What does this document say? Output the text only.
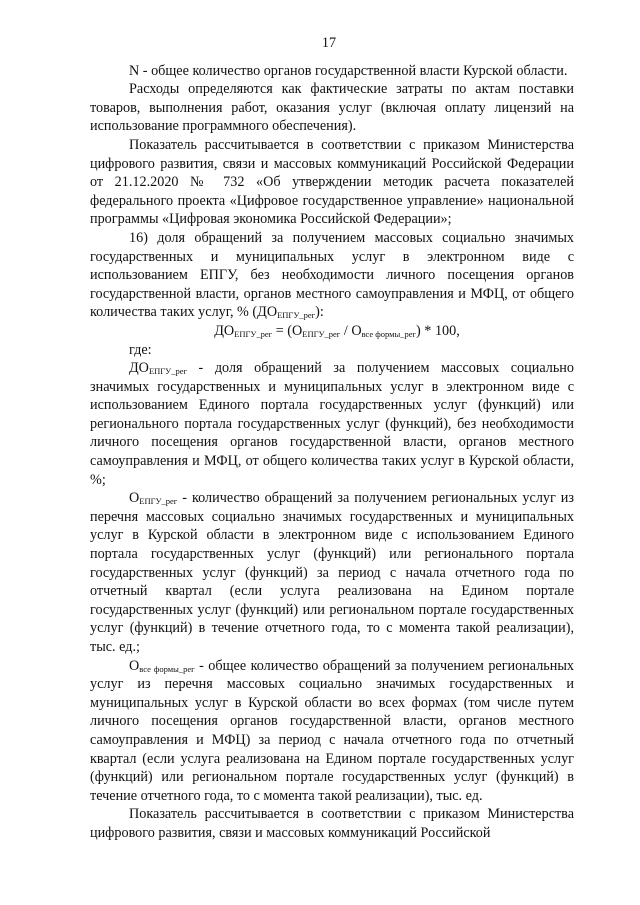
17

N - общее количество органов государственной власти Курской области.

Расходы определяются как фактические затраты по актам поставки товаров, выполнения работ, оказания услуг (включая оплату лицензий на использование программного обеспечения).

Показатель рассчитывается в соответствии с приказом Министерства цифрового развития, связи и массовых коммуникаций Российской Федерации от 21.12.2020 № 732 «Об утверждении методик расчета показателей федерального проекта «Цифровое государственное управление» национальной программы «Цифровая экономика Российской Федерации»;

16) доля обращений за получением массовых социально значимых государственных и муниципальных услуг в электронном виде с использованием ЕПГУ, без необходимости личного посещения органов государственной власти, органов местного самоуправления и МФЦ, от общего количества таких услуг, % $(ДО_{ЕПГУ\_рег})$:

$ДО_{ЕПГУ\_рег} = (О_{ЕПГУ\_рег} / О_{все формы\_рег}) * 100$,

где:

$ДО_{ЕПГУ\_рег}$ - доля обращений за получением массовых социально значимых государственных и муниципальных услуг в электронном виде с использованием Единого портала государственных услуг (функций) или регионального портала государственных услуг (функций), без необходимости личного посещения органов государственной власти, органов местного самоуправления и МФЦ, от общего количества таких услуг в Курской области, %;

$О_{ЕПГУ\_рег}$ - количество обращений за получением региональных услуг из перечня массовых социально значимых государственных и муниципальных услуг в Курской области в электронном виде с использованием Единого портала государственных услуг (функций) или регионального портала государственных услуг (функций) за период с начала отчетного года по отчетный квартал (если услуга реализована на Едином портале государственных услуг (функций) или региональном портале государственных услуг (функций) в течение отчетного года, то с момента такой реализации), тыс. ед.;

$О_{все формы\_рег}$ - общее количество обращений за получением региональных услуг из перечня массовых социально значимых государственных и муниципальных услуг в Курской области во всех формах (том числе путем личного посещения органов государственной власти, органов местного самоуправления и МФЦ) за период с начала отчетного года по отчетный квартал (если услуга реализована на Едином портале государственных услуг (функций) или региональном портале государственных услуг (функций) в течение отчетного года, то с момента такой реализации), тыс. ед.

Показатель рассчитывается в соответствии с приказом Министерства цифрового развития, связи и массовых коммуникаций Российской
